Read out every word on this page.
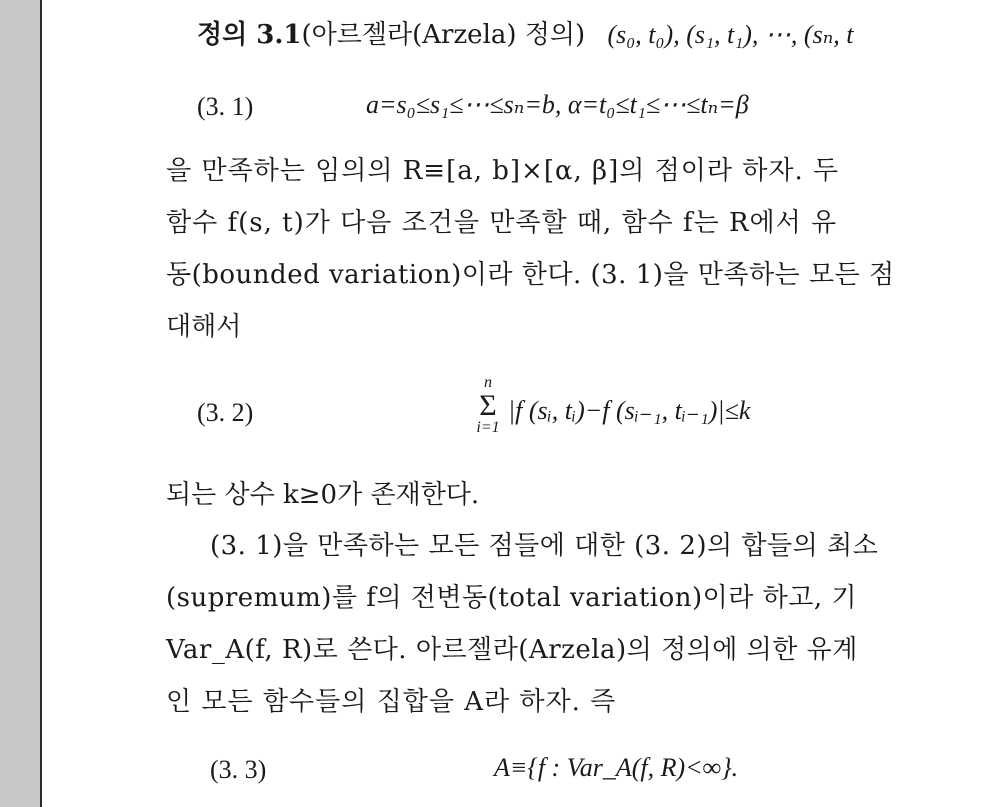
정의 3.1(아르젤라(Arzela) 정의) (s₀, t₀), (s₁, t₁), ⋯, (sₙ, t
(3. 1)	a=s₀≤s₁≤⋯≤sₙ=b, α=t₀≤t₁≤⋯≤tₙ=β
을 만족하는 임의의 R≡[a, b]×[α, β]의 점이라 하자. 두
함수 f(s, t)가 다음 조건을 만족할 때, 함수 f는 R에서 유
동(bounded variation)이라 한다. (3. 1)을 만족하는 모든 점
대해서
(3. 2)
n
Σ
i=1
|f (sᵢ, tᵢ)−f (sᵢ₋₁, tᵢ₋₁)|≤k
되는 상수 k≥0가 존재한다.
(3. 1)을 만족하는 모든 점들에 대한 (3. 2)의 합들의 최소
(supremum)를 f의 전변동(total variation)이라 하고, 기
Var_A(f, R)로 쓴다. 아르젤라(Arzela)의 정의에 의한 유계
인 모든 함수들의 집합을 A라 하자. 즉
(3. 3)	A≡{f : Var_A(f, R)<∞}.
